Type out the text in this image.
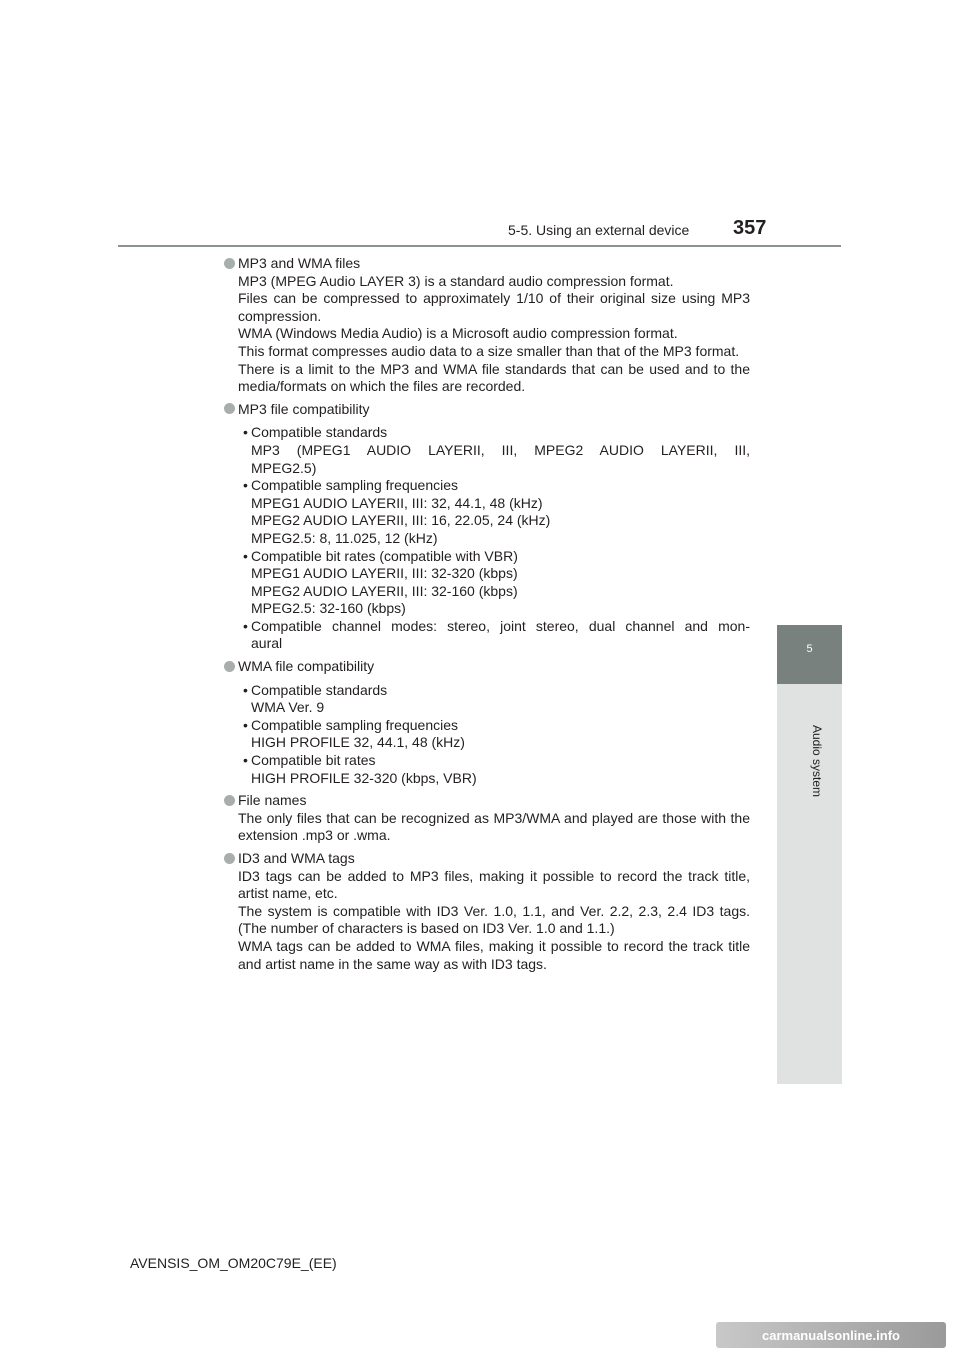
5-5. Using an external device 357
5
Audio system
MP3 and WMA files
MP3 (MPEG Audio LAYER 3) is a standard audio compression format.
Files can be compressed to approximately 1/10 of their original size using MP3 compression.
WMA (Windows Media Audio) is a Microsoft audio compression format.
This format compresses audio data to a size smaller than that of the MP3 format.
There is a limit to the MP3 and WMA file standards that can be used and to the media/formats on which the files are recorded.
MP3 file compatibility
• Compatible standards
MP3 (MPEG1 AUDIO LAYERII, III, MPEG2 AUDIO LAYERII, III,
MPEG2.5)
• Compatible sampling frequencies
MPEG1 AUDIO LAYERII, III: 32, 44.1, 48 (kHz)
MPEG2 AUDIO LAYERII, III: 16, 22.05, 24 (kHz)
MPEG2.5: 8, 11.025, 12 (kHz)
• Compatible bit rates (compatible with VBR)
MPEG1 AUDIO LAYERII, III: 32-320 (kbps)
MPEG2 AUDIO LAYERII, III: 32-160 (kbps)
MPEG2.5: 32-160 (kbps)
• Compatible channel modes: stereo, joint stereo, dual channel and mon-
aural
WMA file compatibility
• Compatible standards
WMA Ver. 9
• Compatible sampling frequencies
HIGH PROFILE 32, 44.1, 48 (kHz)
• Compatible bit rates
HIGH PROFILE 32-320 (kbps, VBR)
File names
The only files that can be recognized as MP3/WMA and played are those with the extension .mp3 or .wma.
ID3 and WMA tags
ID3 tags can be added to MP3 files, making it possible to record the track title, artist name, etc.
The system is compatible with ID3 Ver. 1.0, 1.1, and Ver. 2.2, 2.3, 2.4 ID3 tags. (The number of characters is based on ID3 Ver. 1.0 and 1.1.)
WMA tags can be added to WMA files, making it possible to record the track title and artist name in the same way as with ID3 tags.
AVENSIS_OM_OM20C79E_(EE)
carmanualsonline.info
